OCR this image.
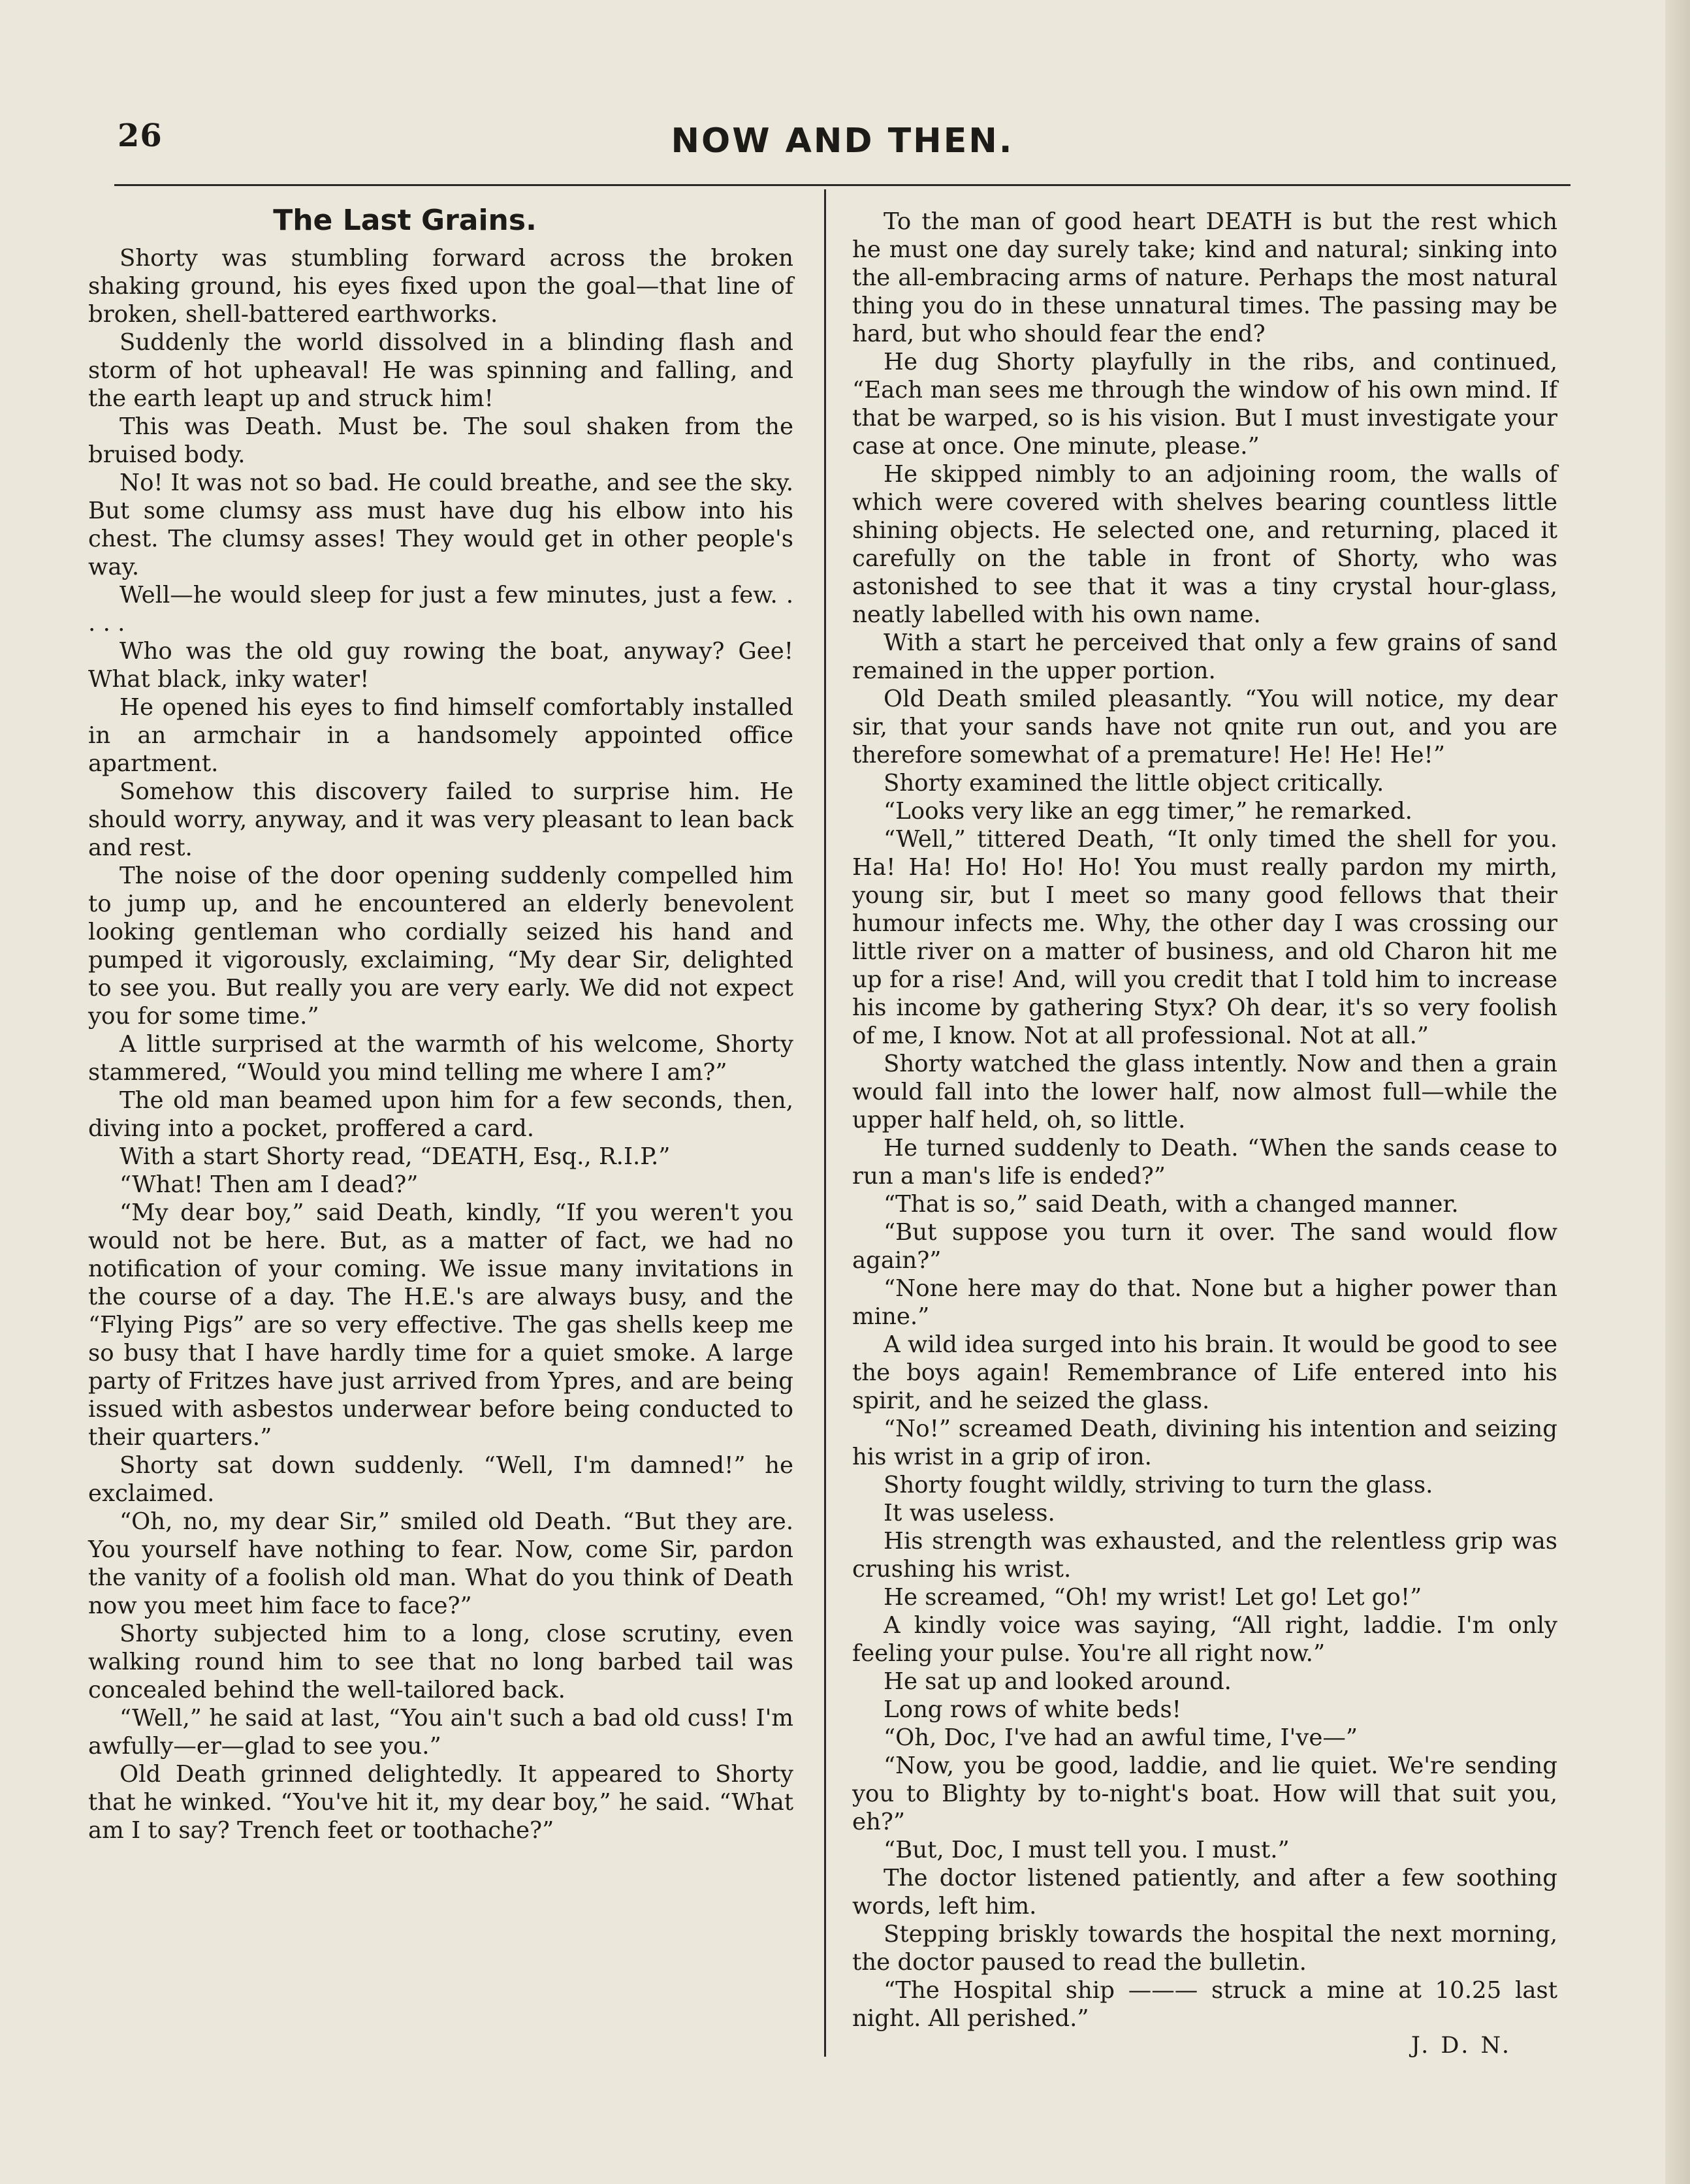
26	NOW AND THEN.
The Last Grains.

Shorty was stumbling forward across the broken shaking ground, his eyes fixed upon the goal—that line of broken, shell-battered earthworks.

Suddenly the world dissolved in a blinding flash and storm of hot upheaval! He was spinning and falling, and the earth leapt up and struck him!

This was Death. Must be. The soul shaken from the bruised body.

No! It was not so bad. He could breathe, and see the sky. But some clumsy ass must have dug his elbow into his chest. The clumsy asses! They would get in other people's way.

Well—he would sleep for just a few minutes, just a few. . . . .

Who was the old guy rowing the boat, anyway? Gee! What black, inky water!

He opened his eyes to find himself comfortably installed in an armchair in a handsomely appointed office apartment.

Somehow this discovery failed to surprise him. He should worry, anyway, and it was very pleasant to lean back and rest.

The noise of the door opening suddenly compelled him to jump up, and he encountered an elderly benevolent looking gentleman who cordially seized his hand and pumped it vigorously, exclaiming, “My dear Sir, delighted to see you. But really you are very early. We did not expect you for some time.”

A little surprised at the warmth of his welcome, Shorty stammered, “Would you mind telling me where I am?”

The old man beamed upon him for a few seconds, then, diving into a pocket, proffered a card.

With a start Shorty read, “DEATH, Esq., R.I.P.”

“What! Then am I dead?”

“My dear boy,” said Death, kindly, “If you weren't you would not be here. But, as a matter of fact, we had no notification of your coming. We issue many invitations in the course of a day. The H.E.'s are always busy, and the “Flying Pigs” are so very effective. The gas shells keep me so busy that I have hardly time for a quiet smoke. A large party of Fritzes have just arrived from Ypres, and are being issued with asbestos underwear before being conducted to their quarters.”

Shorty sat down suddenly. “Well, I'm damned!” he exclaimed.

“Oh, no, my dear Sir,” smiled old Death. “But they are. You yourself have nothing to fear. Now, come Sir, pardon the vanity of a foolish old man. What do you think of Death now you meet him face to face?”

Shorty subjected him to a long, close scrutiny, even walking round him to see that no long barbed tail was concealed behind the well-tailored back.

“Well,” he said at last, “You ain't such a bad old cuss! I'm awfully—er—glad to see you.”

Old Death grinned delightedly. It appeared to Shorty that he winked. “You've hit it, my dear boy,” he said. “What am I to say? Trench feet or toothache?”

To the man of good heart DEATH is but the rest which he must one day surely take; kind and natural; sinking into the all-embracing arms of nature. Perhaps the most natural thing you do in these unnatural times. The passing may be hard, but who should fear the end?

He dug Shorty playfully in the ribs, and continued, “Each man sees me through the window of his own mind. If that be warped, so is his vision. But I must investigate your case at once. One minute, please.”

He skipped nimbly to an adjoining room, the walls of which were covered with shelves bearing countless little shining objects. He selected one, and returning, placed it carefully on the table in front of Shorty, who was astonished to see that it was a tiny crystal hour-glass, neatly labelled with his own name.

With a start he perceived that only a few grains of sand remained in the upper portion.

Old Death smiled pleasantly. “You will notice, my dear sir, that your sands have not qnite run out, and you are therefore somewhat of a premature! He! He! He!”

Shorty examined the little object critically.

“Looks very like an egg timer,” he remarked.

“Well,” tittered Death, “It only timed the shell for you. Ha! Ha! Ho! Ho! Ho! You must really pardon my mirth, young sir, but I meet so many good fellows that their humour infects me. Why, the other day I was crossing our little river on a matter of business, and old Charon hit me up for a rise! And, will you credit that I told him to increase his income by gathering Styx? Oh dear, it's so very foolish of me, I know. Not at all professional. Not at all.”

Shorty watched the glass intently. Now and then a grain would fall into the lower half, now almost full—while the upper half held, oh, so little.

He turned suddenly to Death. “When the sands cease to run a man's life is ended?”

“That is so,” said Death, with a changed manner.

“But suppose you turn it over. The sand would flow again?”

“None here may do that. None but a higher power than mine.”

A wild idea surged into his brain. It would be good to see the boys again! Remembrance of Life entered into his spirit, and he seized the glass.

“No!” screamed Death, divining his intention and seizing his wrist in a grip of iron.

Shorty fought wildly, striving to turn the glass.

It was useless.

His strength was exhausted, and the relentless grip was crushing his wrist.

He screamed, “Oh! my wrist! Let go! Let go!”

A kindly voice was saying, “All right, laddie. I'm only feeling your pulse. You're all right now.”

He sat up and looked around.

Long rows of white beds!

“Oh, Doc, I've had an awful time, I've—”

“Now, you be good, laddie, and lie quiet. We're sending you to Blighty by to-night's boat. How will that suit you, eh?”

“But, Doc, I must tell you. I must.”

The doctor listened patiently, and after a few soothing words, left him.

Stepping briskly towards the hospital the next morning, the doctor paused to read the bulletin.

“The Hospital ship ——— struck a mine at 10.25 last night. All perished.”

J. D. N.
